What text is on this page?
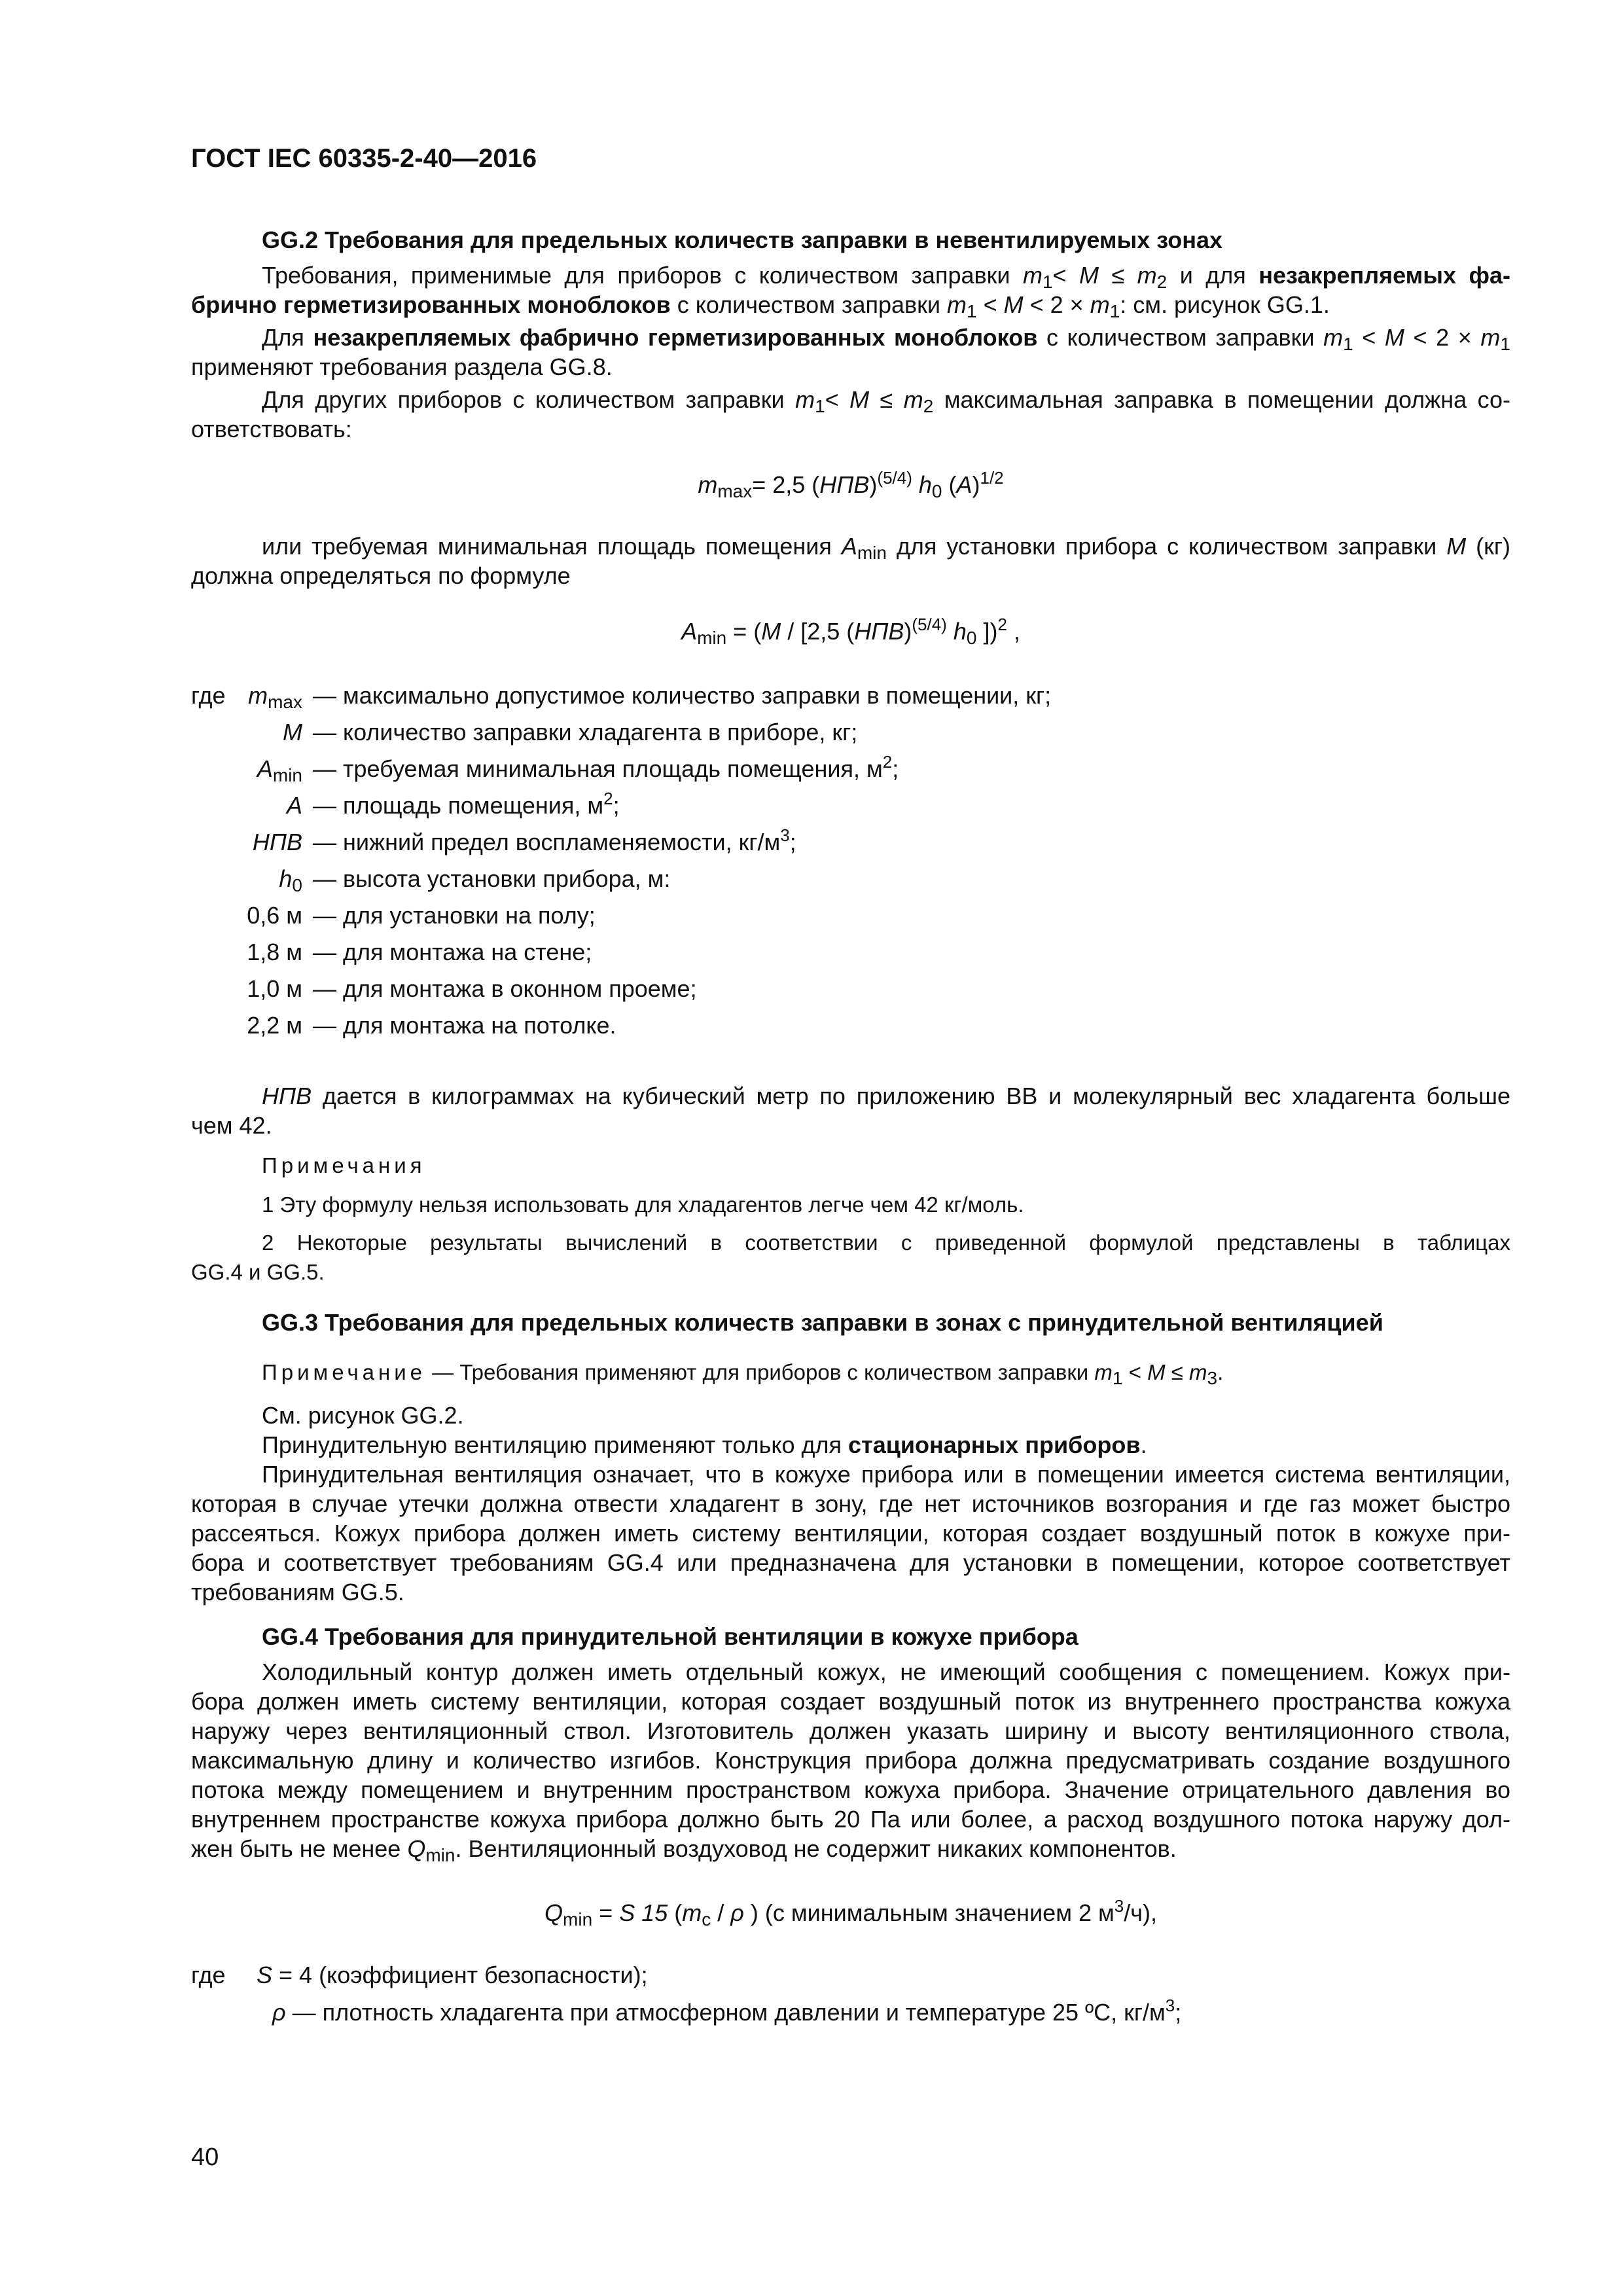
ГОСТ IEC 60335-2-40—2016
GG.2 Требования для предельных количеств заправки в невентилируемых зонах
Требования, применимые для приборов с количеством заправки $m_1< M \le m_2$ и для незакрепляемых фа-
брично герметизированных моноблоков с количеством заправки $m_1 < M < 2 \times m_1$: см. рисунок GG.1.
Для незакрепляемых фабрично герметизированных моноблоков с количеством заправки $m_1 < M < 2 \times m_1$
применяют требования раздела GG.8.
Для других приборов с количеством заправки $m_1< M \le m_2$ максимальная заправка в помещении должна со-
ответствовать:
$m_{max}= 2,5$ (НПВ)$^{(5/4)}$ $h_0$ $(A)^{1/2}$
или требуемая минимальная площадь помещения $A_{min}$ для установки прибора с количеством заправки M (кг)
должна определяться по формуле
$A_{min} = (M / [2,5$ (НПВ)$^{(5/4)}$ $h_0$ ])$^2$ ,
где $m_{max}$ — максимально допустимое количество заправки в помещении, кг;
M — количество заправки хладагента в приборе, кг;
$A_{min}$ — требуемая минимальная площадь помещения, $м^2$;
A — площадь помещения, $м^2$;
НПВ — нижний предел воспламеняемости, $кг/м^3$;
$h_0$ — высота установки прибора, м:
0,6 м — для установки на полу;
1,8 м — для монтажа на стене;
1,0 м — для монтажа в оконном проеме;
2,2 м — для монтажа на потолке.
НПВ дается в килограммах на кубический метр по приложению ВВ и молекулярный вес хладагента больше
чем 42.
Примечания
1 Эту формулу нельзя использовать для хладагентов легче чем 42 кг/моль.
2 Некоторые результаты вычислений в соответствии с приведенной формулой представлены в таблицах
GG.4 и GG.5.
GG.3 Требования для предельных количеств заправки в зонах с принудительной вентиляцией
Примечание — Требования применяют для приборов с количеством заправки $m_1 < M \le m_3$.
См. рисунок GG.2.
Принудительную вентиляцию применяют только для стационарных приборов.
Принудительная вентиляция означает, что в кожухе прибора или в помещении имеется система вентиляции,
которая в случае утечки должна отвести хладагент в зону, где нет источников возгорания и где газ может быстро
рассеяться. Кожух прибора должен иметь систему вентиляции, которая создает воздушный поток в кожухе при-
бора и соответствует требованиям GG.4 или предназначена для установки в помещении, которое соответствует
требованиям GG.5.
GG.4 Требования для принудительной вентиляции в кожухе прибора
Холодильный контур должен иметь отдельный кожух, не имеющий сообщения с помещением. Кожух при-
бора должен иметь систему вентиляции, которая создает воздушный поток из внутреннего пространства кожуха
наружу через вентиляционный ствол. Изготовитель должен указать ширину и высоту вентиляционного ствола,
максимальную длину и количество изгибов. Конструкция прибора должна предусматривать создание воздушного
потока между помещением и внутренним пространством кожуха прибора. Значение отрицательного давления во
внутреннем пространстве кожуха прибора должно быть 20 Па или более, а расход воздушного потока наружу дол-
жен быть не менее $Q_{min}$. Вентиляционный воздуховод не содержит никаких компонентов.
$Q_{min} = S$ 15 ($m_c$ / ρ ) (с минимальным значением 2 $м^3/ч$),
где S = 4 (коэффициент безопасности);
ρ — плотность хладагента при атмосферном давлении и температуре 25 ºС, $кг/м^3$;
40
